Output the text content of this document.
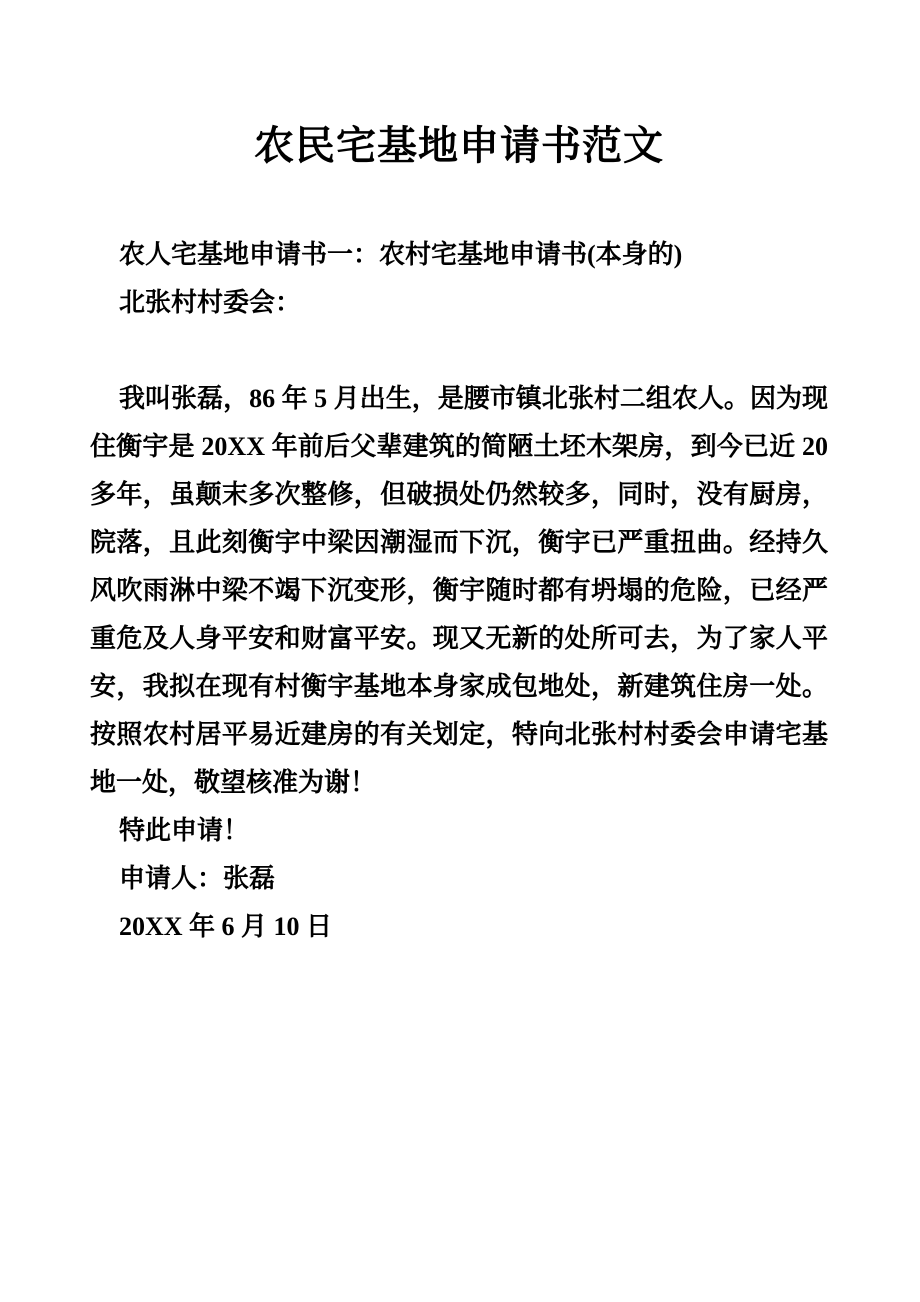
农民宅基地申请书范文
农人宅基地申请书一：农村宅基地申请书(本身的)
北张村村委会：
我叫张磊，86 年 5 月出生，是腰市镇北张村二组农人。因为现
住衡宇是 20XX 年前后父辈建筑的简陋土坯木架房，到今已近 20
多年，虽颠末多次整修，但破损处仍然较多，同时，没有厨房，
院落，且此刻衡宇中梁因潮湿而下沉，衡宇已严重扭曲。经持久
风吹雨淋中梁不竭下沉变形，衡宇随时都有坍塌的危险，已经严
重危及人身平安和财富平安。现又无新的处所可去，为了家人平
安，我拟在现有村衡宇基地本身家成包地处，新建筑住房一处。
按照农村居平易近建房的有关划定，特向北张村村委会申请宅基
地一处，敬望核准为谢！
特此申请！
申请人：张磊
20XX 年 6 月 10 日
